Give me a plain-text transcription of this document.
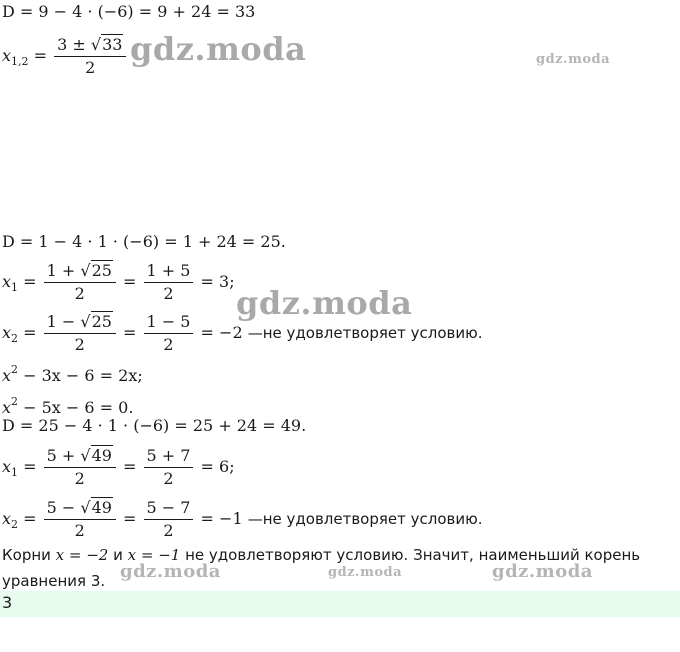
D = 9 − 4 · (−6) = 9 + 24 = 33
$x_{1,2} = \frac{3 \pm √33}{2}$
D = 1 − 4 · 1 · (−6) = 1 + 24 = 25.
$x_1 = \frac{1 + √25}{2} = \frac{1 + 5}{2} = 3$;
$x_2 = \frac{1 - √25}{2} = \frac{1 - 5}{2} = -2$ —не удовлетворяет условию.
$x^2 - 3x - 6 = 2x$;
$x^2 - 5x - 6 = 0$.
D = 25 − 4 · 1 · (−6) = 25 + 24 = 49.
$x_1 = \frac{5 + √49}{2} = \frac{5 + 7}{2} = 6$;
$x_2 = \frac{5 - √49}{2} = \frac{5 - 7}{2} = -1$ —не удовлетворяет условию.
Корни x = −2 и x = −1 не удовлетворяют условию. Значит, наименьший корень
уравнения 3.
3
gdz.moda	gdz.moda
gdz.moda
gdz.moda	gdz.moda	gdz.moda
